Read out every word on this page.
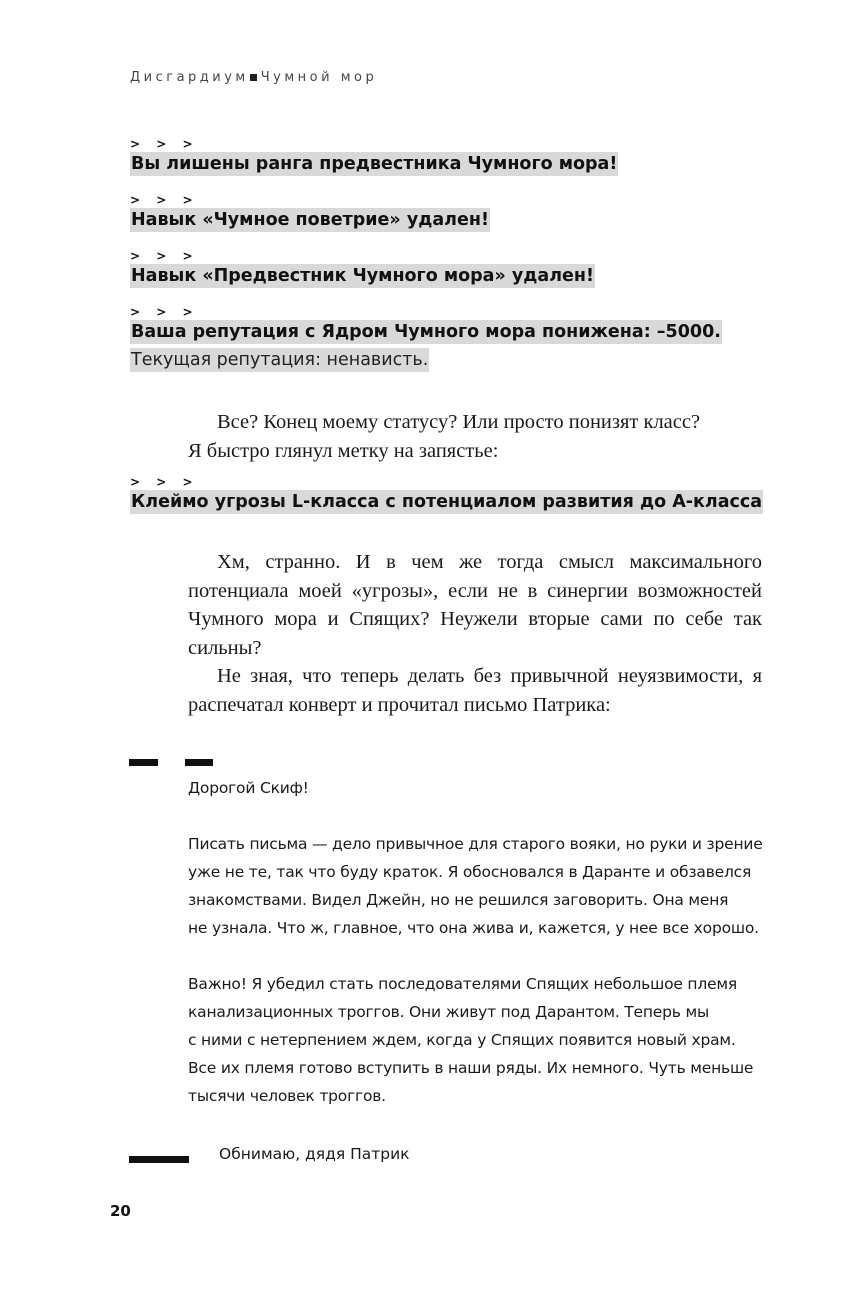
Дисгардиум Чумной мор
> > >
Вы лишены ранга предвестника Чумного мора!
> > >
Навык «Чумное поветрие» удален!
> > >
Навык «Предвестник Чумного мора» удален!
> > >
Ваша репутация с Ядром Чумного мора понижена: –5000.
Текущая репутация: ненависть.

Все? Конец моему статусу? Или просто понизят класс?

Я быстро глянул метку на запястье:

> > >
Клеймо угрозы L-класса с потенциалом развития до A-класса

Хм, странно. И в чем же тогда смысл максимального потенциала моей «угрозы», если не в синергии возможностей Чумного мора и Спящих? Неужели вторые сами по себе так сильны?

Не зная, что теперь делать без привычной неуязвимости, я распечатал конверт и прочитал письмо Патрика:

Дорогой Скиф!
Писать письма — дело привычное для старого вояки, но руки и зрение
уже не те, так что буду краток. Я обосновался в Даранте и обзавелся
знакомствами. Видел Джейн, но не решился заговорить. Она меня
не узнала. Что ж, главное, что она жива и, кажется, у нее все хорошо.
Важно! Я убедил стать последователями Спящих небольшое племя
канализационных троггов. Они живут под Дарантом. Теперь мы
с ними с нетерпением ждем, когда у Спящих появится новый храм.
Все их племя готово вступить в наши ряды. Их немного. Чуть меньше
тысячи человек троггов.
Обнимаю, дядя Патрик
20
